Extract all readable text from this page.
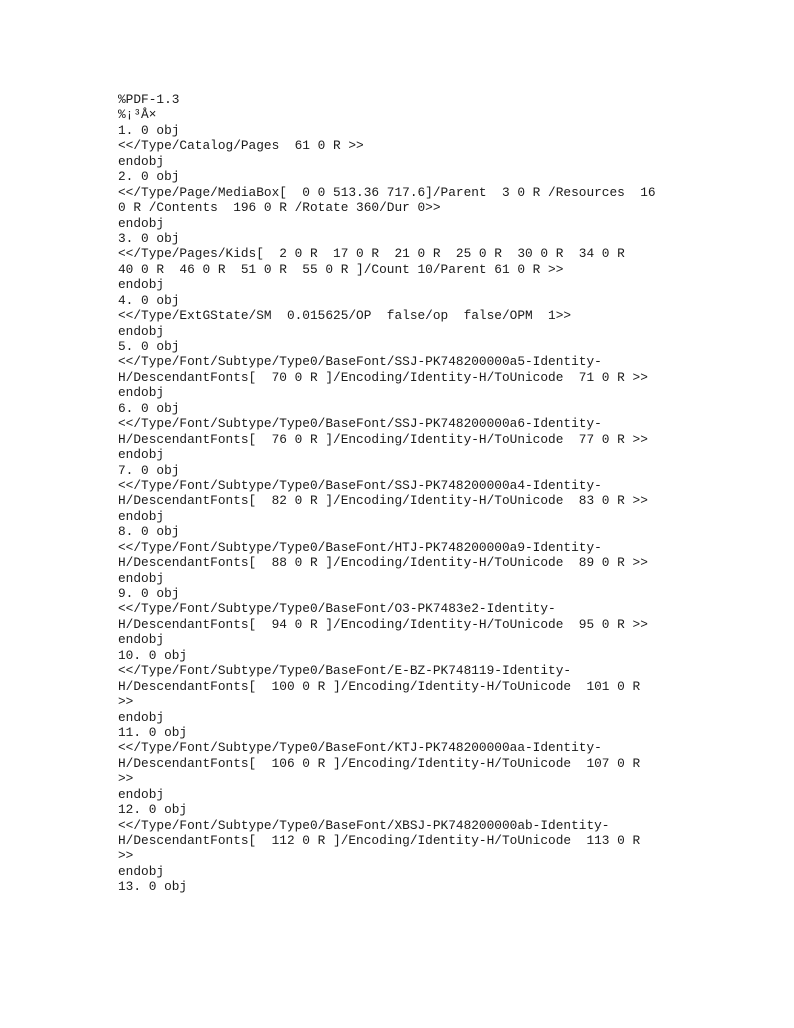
%PDF-1.3
%¡³Å×
1. 0 obj
<</Type/Catalog/Pages  61 0 R >>
endobj
2. 0 obj
<</Type/Page/MediaBox[  0 0 513.36 717.6]/Parent  3 0 R /Resources  16
0 R /Contents  196 0 R /Rotate 360/Dur 0>>
endobj
3. 0 obj
<</Type/Pages/Kids[  2 0 R  17 0 R  21 0 R  25 0 R  30 0 R  34 0 R
40 0 R  46 0 R  51 0 R  55 0 R ]/Count 10/Parent 61 0 R >>
endobj
4. 0 obj
<</Type/ExtGState/SM  0.015625/OP  false/op  false/OPM  1>>
endobj
5. 0 obj
<</Type/Font/Subtype/Type0/BaseFont/SSJ-PK748200000a5-Identity-
H/DescendantFonts[  70 0 R ]/Encoding/Identity-H/ToUnicode  71 0 R >>
endobj
6. 0 obj
<</Type/Font/Subtype/Type0/BaseFont/SSJ-PK748200000a6-Identity-
H/DescendantFonts[  76 0 R ]/Encoding/Identity-H/ToUnicode  77 0 R >>
endobj
7. 0 obj
<</Type/Font/Subtype/Type0/BaseFont/SSJ-PK748200000a4-Identity-
H/DescendantFonts[  82 0 R ]/Encoding/Identity-H/ToUnicode  83 0 R >>
endobj
8. 0 obj
<</Type/Font/Subtype/Type0/BaseFont/HTJ-PK748200000a9-Identity-
H/DescendantFonts[  88 0 R ]/Encoding/Identity-H/ToUnicode  89 0 R >>
endobj
9. 0 obj
<</Type/Font/Subtype/Type0/BaseFont/O3-PK7483e2-Identity-
H/DescendantFonts[  94 0 R ]/Encoding/Identity-H/ToUnicode  95 0 R >>
endobj
10. 0 obj
<</Type/Font/Subtype/Type0/BaseFont/E-BZ-PK748119-Identity-
H/DescendantFonts[  100 0 R ]/Encoding/Identity-H/ToUnicode  101 0 R
>>
endobj
11. 0 obj
<</Type/Font/Subtype/Type0/BaseFont/KTJ-PK748200000aa-Identity-
H/DescendantFonts[  106 0 R ]/Encoding/Identity-H/ToUnicode  107 0 R
>>
endobj
12. 0 obj
<</Type/Font/Subtype/Type0/BaseFont/XBSJ-PK748200000ab-Identity-
H/DescendantFonts[  112 0 R ]/Encoding/Identity-H/ToUnicode  113 0 R
>>
endobj
13. 0 obj
